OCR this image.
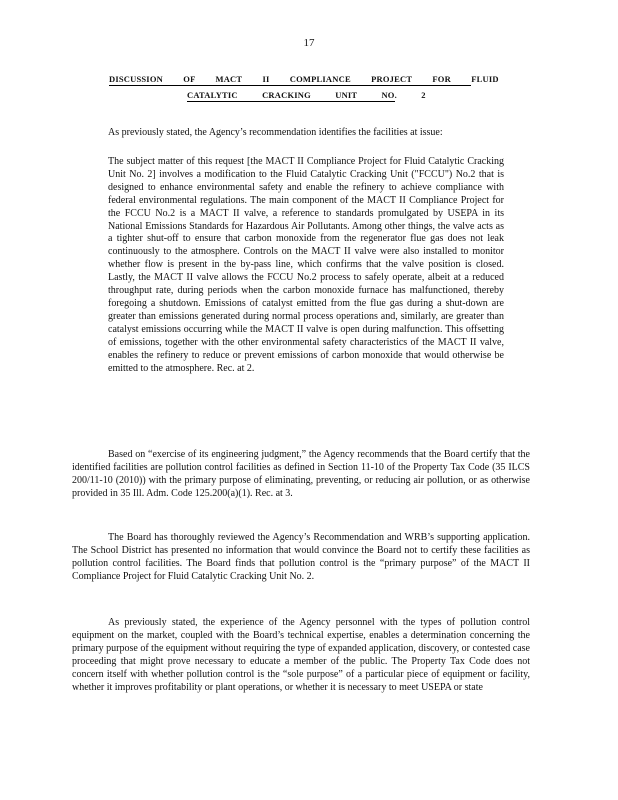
17
DISCUSSION OF MACT II COMPLIANCE PROJECT FOR FLUID
CATALYTIC CRACKING UNIT NO. 2

As previously stated, the Agency’s recommendation identifies the facilities at issue:

The subject matter of this request [the MACT II Compliance Project for Fluid Catalytic Cracking Unit No. 2] involves a modification to the Fluid Catalytic Cracking Unit ("FCCU") No.2 that is designed to enhance environmental safety and enable the refinery to achieve compliance with federal environmental regulations. The main component of the MACT II Compliance Project for the FCCU No.2 is a MACT II valve, a reference to standards promulgated by USEPA in its National Emissions Standards for Hazardous Air Pollutants. Among other things, the valve acts as a tighter shut-off to ensure that carbon monoxide from the regenerator flue gas does not leak continuously to the atmosphere. Controls on the MACT II valve were also installed to monitor whether flow is present in the by-pass line, which confirms that the valve position is closed. Lastly, the MACT II valve allows the FCCU No.2 process to safely operate, albeit at a reduced throughput rate, during periods when the carbon monoxide furnace has malfunctioned, thereby foregoing a shutdown. Emissions of catalyst emitted from the flue gas during a shut-down are greater than emissions generated during normal process operations and, similarly, are greater than catalyst emissions occurring while the MACT II valve is open during malfunction. This offsetting of emissions, together with the other environmental safety characteristics of the MACT II valve, enables the refinery to reduce or prevent emissions of carbon monoxide that would otherwise be emitted to the atmosphere. Rec. at 2.

Based on “exercise of its engineering judgment,” the Agency recommends that the Board certify that the identified facilities are pollution control facilities as defined in Section 11-10 of the Property Tax Code (35 ILCS 200/11-10 (2010)) with the primary purpose of eliminating, preventing, or reducing air pollution, or as otherwise provided in 35 Ill. Adm. Code 125.200(a)(1). Rec. at 3.

The Board has thoroughly reviewed the Agency’s Recommendation and WRB’s supporting application. The School District has presented no information that would convince the Board not to certify these facilities as pollution control facilities. The Board finds that pollution control is the “primary purpose” of the MACT II Compliance Project for Fluid Catalytic Cracking Unit No. 2.

As previously stated, the experience of the Agency personnel with the types of pollution control equipment on the market, coupled with the Board’s technical expertise, enables a determination concerning the primary purpose of the equipment without requiring the type of expanded application, discovery, or contested case proceeding that might prove necessary to educate a member of the public. The Property Tax Code does not concern itself with whether pollution control is the “sole purpose” of a particular piece of equipment or facility, whether it improves profitability or plant operations, or whether it is necessary to meet USEPA or state
